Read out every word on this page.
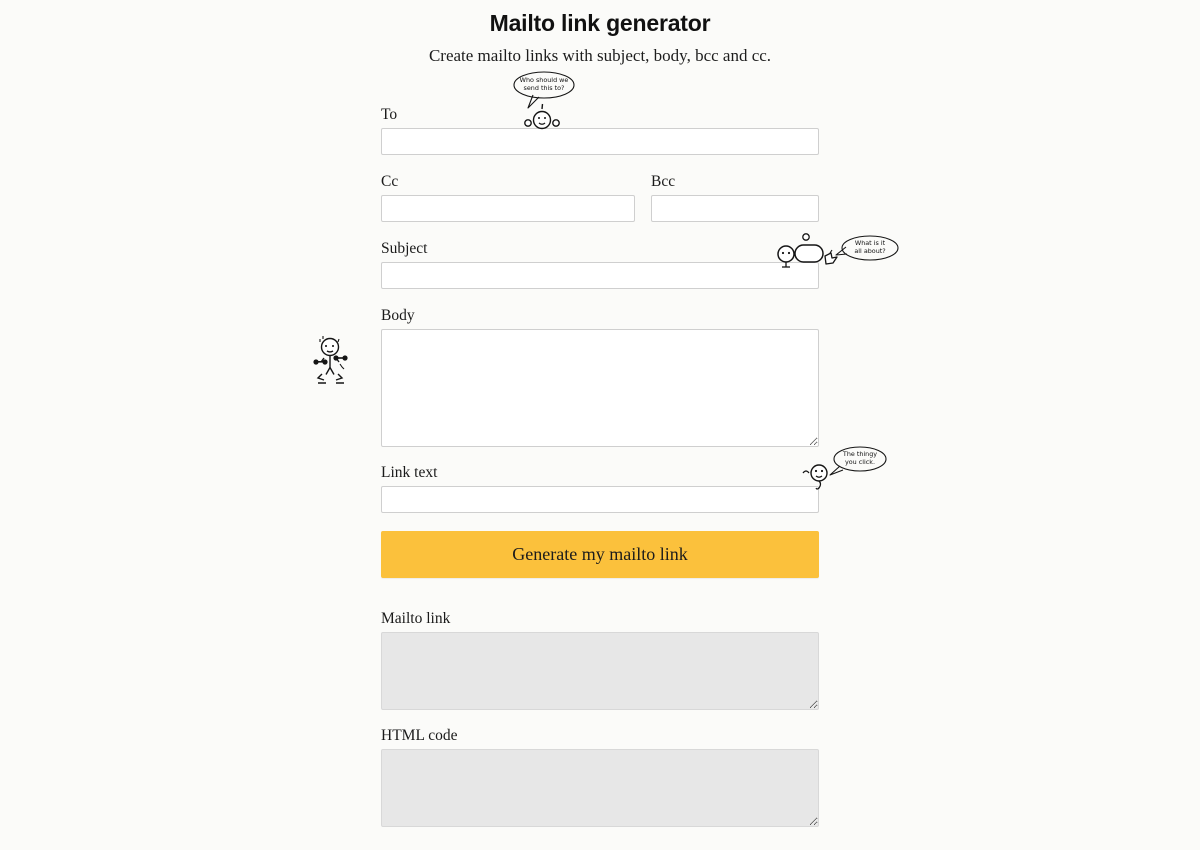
Mailto link generator

Create mailto links with subject, body, bcc and cc.

To
Cc	Bcc
Subject
Body
Link text
Mailto link
HTML code
Generate my mailto link
Who should we
send this to?
What is it
all about?
The thingy
you click.
